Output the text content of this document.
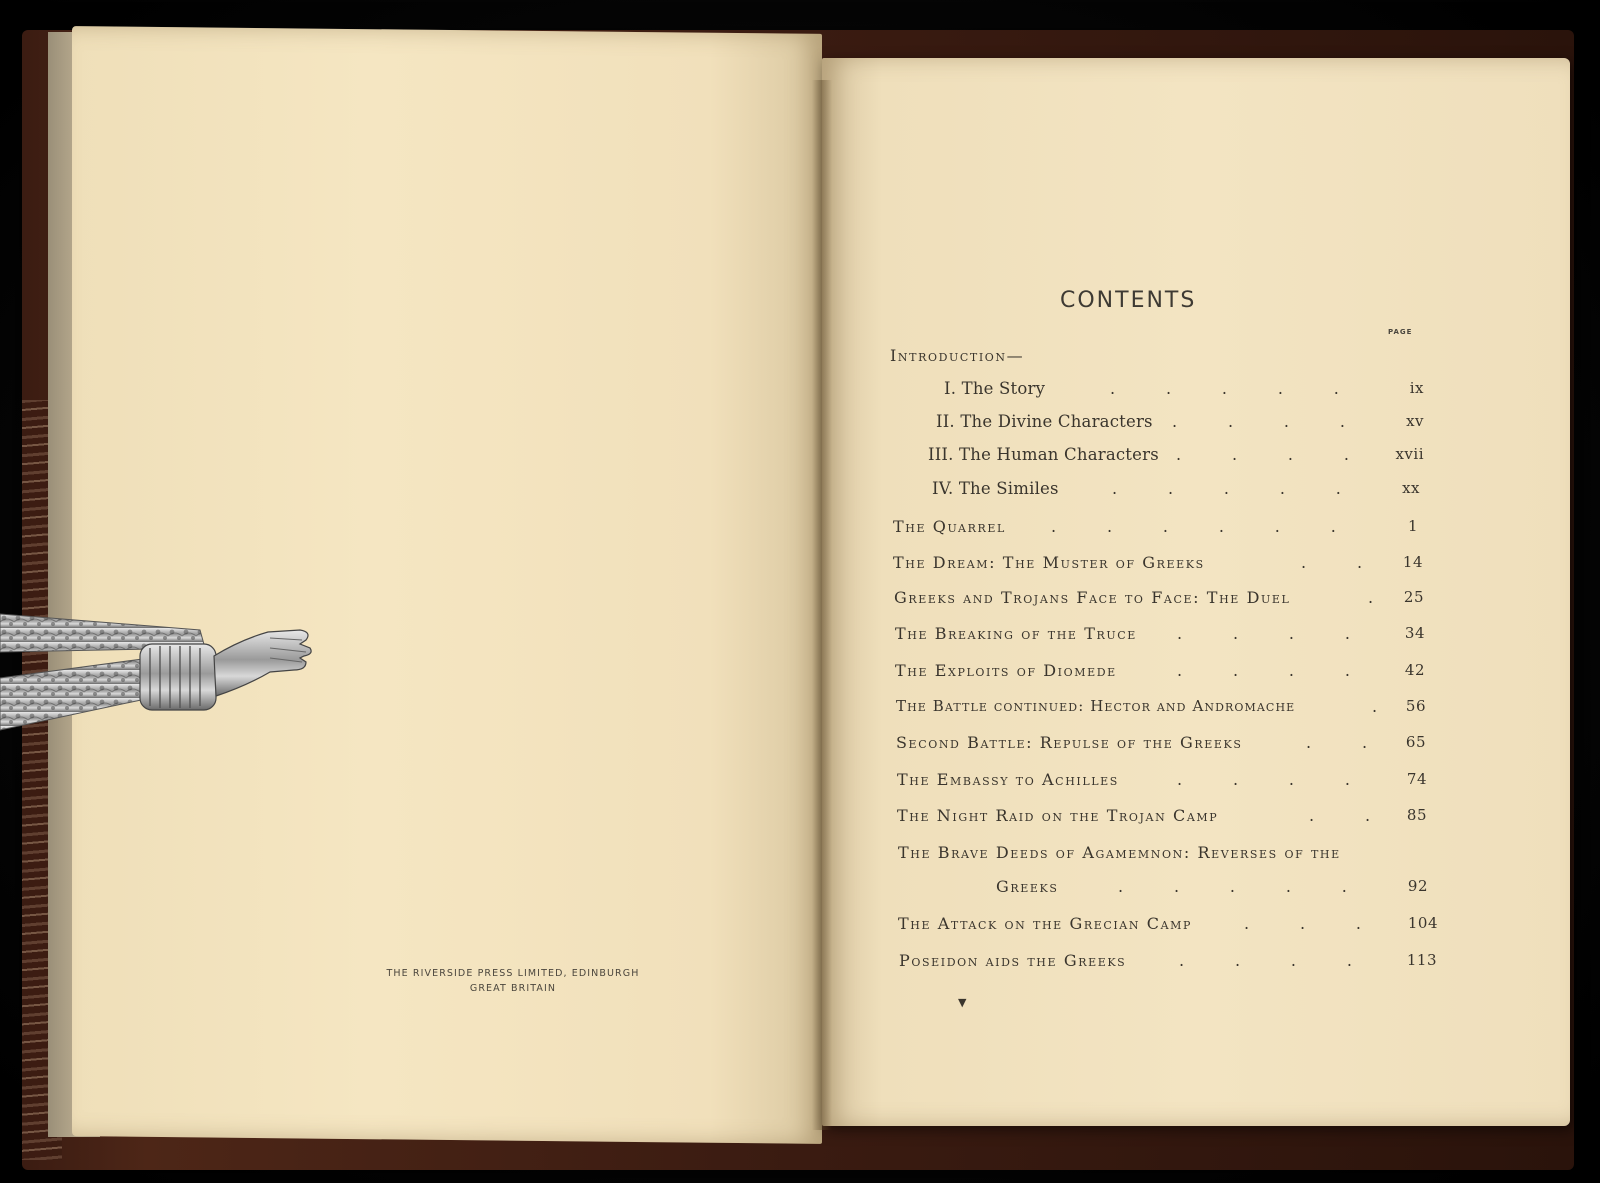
THE RIVERSIDE PRESS LIMITED, EDINBURGH
GREAT BRITAIN
CONTENTS
PAGE
Introduction—
I. The Story	.          .          .          .          .	ix
II. The Divine Characters .          .          .          .	xv
III. The Human Characters .          .          .          .	xvii
IV. The Similes	.          .          .          .          .	xx
The Quarrel	.          .          .          .          .          .	1
The Dream: The Muster of Greeks	.          .	14
Greeks and Trojans Face to Face: The Duel	.	25
The Breaking of the Truce	.          .          .          .	34
The Exploits of Diomede	.          .          .          .	42
The Battle continued: Hector and Andromache	.	56
Second Battle: Repulse of the Greeks	.          .	65
The Embassy to Achilles	.          .          .          .	74
The Night Raid on the Trojan Camp	.          .	85
The Brave Deeds of Agamemnon: Reverses of the
Greeks	.          .          .          .          .	92
The Attack on the Grecian Camp	.          .          .	104
Poseidon aids the Greeks	.          .          .          .	113
▼
